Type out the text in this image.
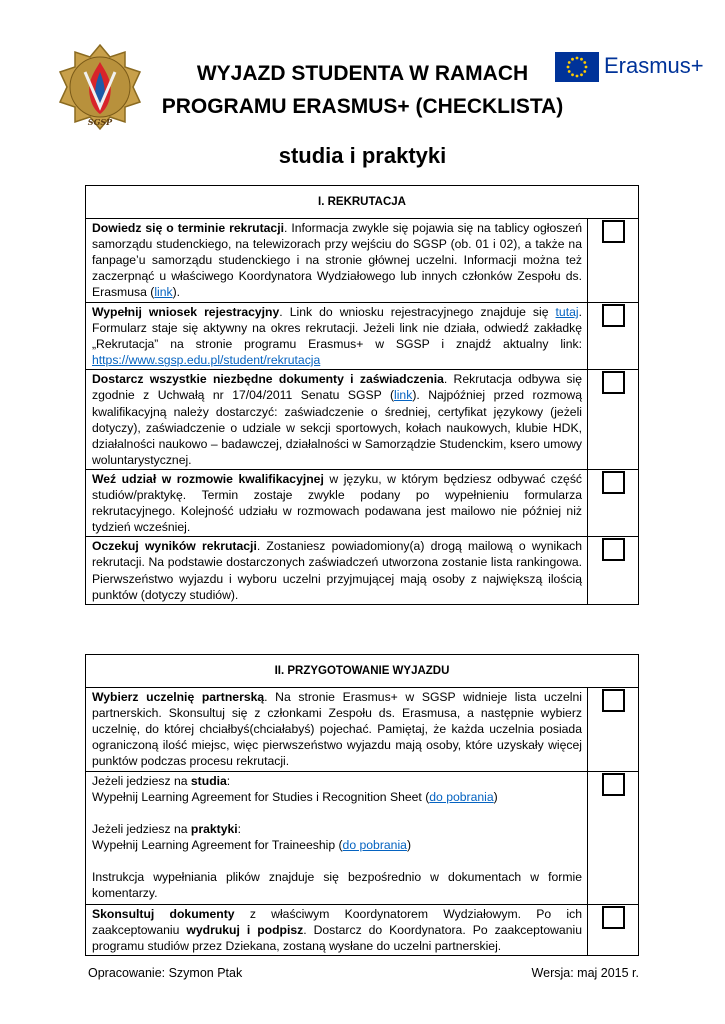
SGSP
Erasmus+
WYJAZD STUDENTA W RAMACH
PROGRAMU ERASMUS+ (CHECKLISTA)
studia i praktyki
I. REKRUTACJA	
Dowiedz się o terminie rekrutacji. Informacja zwykle się pojawia się na tablicy ogłoszeń samorządu studenckiego, na telewizorach przy wejściu do SGSP (ob. 01 i 02), a także na fanpage’u samorządu studenckiego i na stronie głównej uczelni. Informacji można też zaczerpnąć u właściwego Koordynatora Wydziałowego lub innych członków Zespołu ds. Erasmusa (link).	
Wypełnij wniosek rejestracyjny. Link do wniosku rejestracyjnego znajduje się tutaj. Formularz staje się aktywny na okres rekrutacji. Jeżeli link nie działa, odwiedź zakładkę „Rekrutacja” na stronie programu Erasmus+ w SGSP i znajdź aktualny link: https://www.sgsp.edu.pl/student/rekrutacja	
Dostarcz wszystkie niezbędne dokumenty i zaświadczenia. Rekrutacja odbywa się zgodnie z Uchwałą nr 17/04/2011 Senatu SGSP (link). Najpóźniej przed rozmową kwalifikacyjną należy dostarczyć: zaświadczenie o średniej, certyfikat językowy (jeżeli dotyczy), zaświadczenie o udziale w sekcji sportowych, kołach naukowych, klubie HDK, działalności naukowo – badawczej, działalności w Samorządzie Studenckim, ksero umowy woluntarystycznej.	
Weź udział w rozmowie kwalifikacyjnej w języku, w którym będziesz odbywać część studiów/praktykę. Termin zostaje zwykle podany po wypełnieniu formularza rekrutacyjnego. Kolejność udziału w rozmowach podawana jest mailowo nie później niż tydzień wcześniej.	
Oczekuj wyników rekrutacji. Zostaniesz powiadomiony(a) drogą mailową o wynikach rekrutacji. Na podstawie dostarczonych zaświadczeń utworzona zostanie lista rankingowa. Pierwszeństwo wyjazdu i wyboru uczelni przyjmującej mają osoby z największą ilością punktów (dotyczy studiów).	
II. PRZYGOTOWANIE WYJAZDU	
Wybierz uczelnię partnerską. Na stronie Erasmus+ w SGSP widnieje lista uczelni partnerskich. Skonsultuj się z członkami Zespołu ds. Erasmusa, a następnie wybierz uczelnię, do której chciałbyś(chciałabyś) pojechać. Pamiętaj, że każda uczelnia posiada ograniczoną ilość miejsc, więc pierwszeństwo wyjazdu mają osoby, które uzyskały więcej punktów podczas procesu rekrutacji.	

Jeżeli jedziesz na studia:
Wypełnij Learning Agreement for Studies i Recognition Sheet (do pobrania)
Jeżeli jedziesz na praktyki:
Wypełnij Learning Agreement for Traineeship (do pobrania)
Instrukcja wypełniania plików znajduje się bezpośrednio w dokumentach w formie komentarzy.	

Skonsultuj dokumenty z właściwym Koordynatorem Wydziałowym. Po ich zaakceptowaniu wydrukuj i podpisz. Dostarcz do Koordynatora. Po zaakceptowaniu programu studiów przez Dziekana, zostaną wysłane do uczelni partnerskiej.	
Opracowanie: Szymon Ptak	Wersja: maj 2015 r.
